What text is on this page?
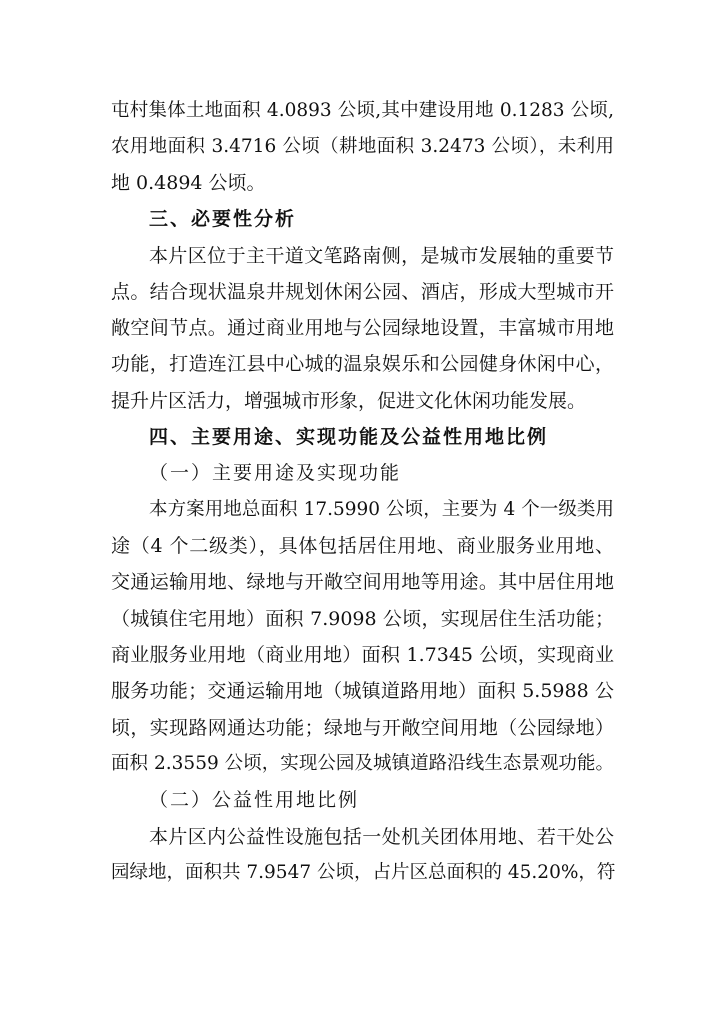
屯村集体土地面积 4.0893 公顷,其中建设用地 0.1283 公顷,
农用地面积 3.4716 公顷（耕地面积 3.2473 公顷），未利用
地 0.4894 公顷。
三、必要性分析
本片区位于主干道文笔路南侧，是城市发展轴的重要节
点。结合现状温泉井规划休闲公园、酒店，形成大型城市开
敞空间节点。通过商业用地与公园绿地设置，丰富城市用地
功能，打造连江县中心城的温泉娱乐和公园健身休闲中心，
提升片区活力，增强城市形象，促进文化休闲功能发展。
四、主要用途、实现功能及公益性用地比例
（一）主要用途及实现功能
本方案用地总面积 17.5990 公顷，主要为 4 个一级类用
途（4 个二级类），具体包括居住用地、商业服务业用地、
交通运输用地、绿地与开敞空间用地等用途。其中居住用地
（城镇住宅用地）面积 7.9098 公顷，实现居住生活功能；
商业服务业用地（商业用地）面积 1.7345 公顷，实现商业
服务功能；交通运输用地（城镇道路用地）面积 5.5988 公
顷，实现路网通达功能；绿地与开敞空间用地（公园绿地）
面积 2.3559 公顷，实现公园及城镇道路沿线生态景观功能。
（二）公益性用地比例
本片区内公益性设施包括一处机关团体用地、若干处公
园绿地，面积共 7.9547 公顷，占片区总面积的 45.20%，符
